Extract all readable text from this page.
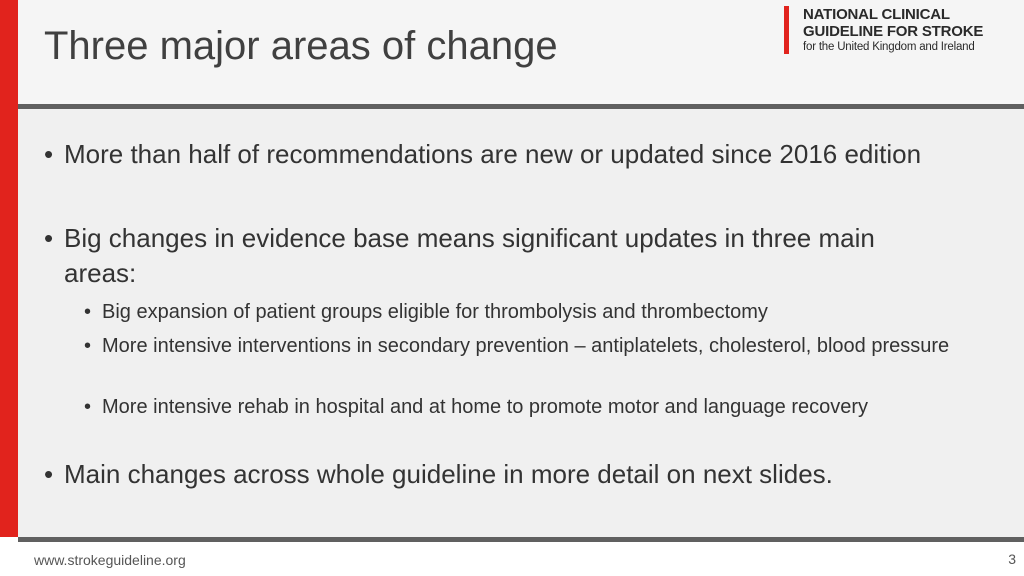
Three major areas of change
NATIONAL CLINICAL
GUIDELINE FOR STROKE
for the United Kingdom and Ireland
• More than half of recommendations are new or updated since 2016 edition
• Big changes in evidence base means significant updates in three main areas:
• Big expansion of patient groups eligible for thrombolysis and thrombectomy
• More intensive interventions in secondary prevention – antiplatelets, cholesterol, blood pressure
• More intensive rehab in hospital and at home to promote motor and language recovery
• Main changes across whole guideline in more detail on next slides.
www.strokeguideline.org	3
